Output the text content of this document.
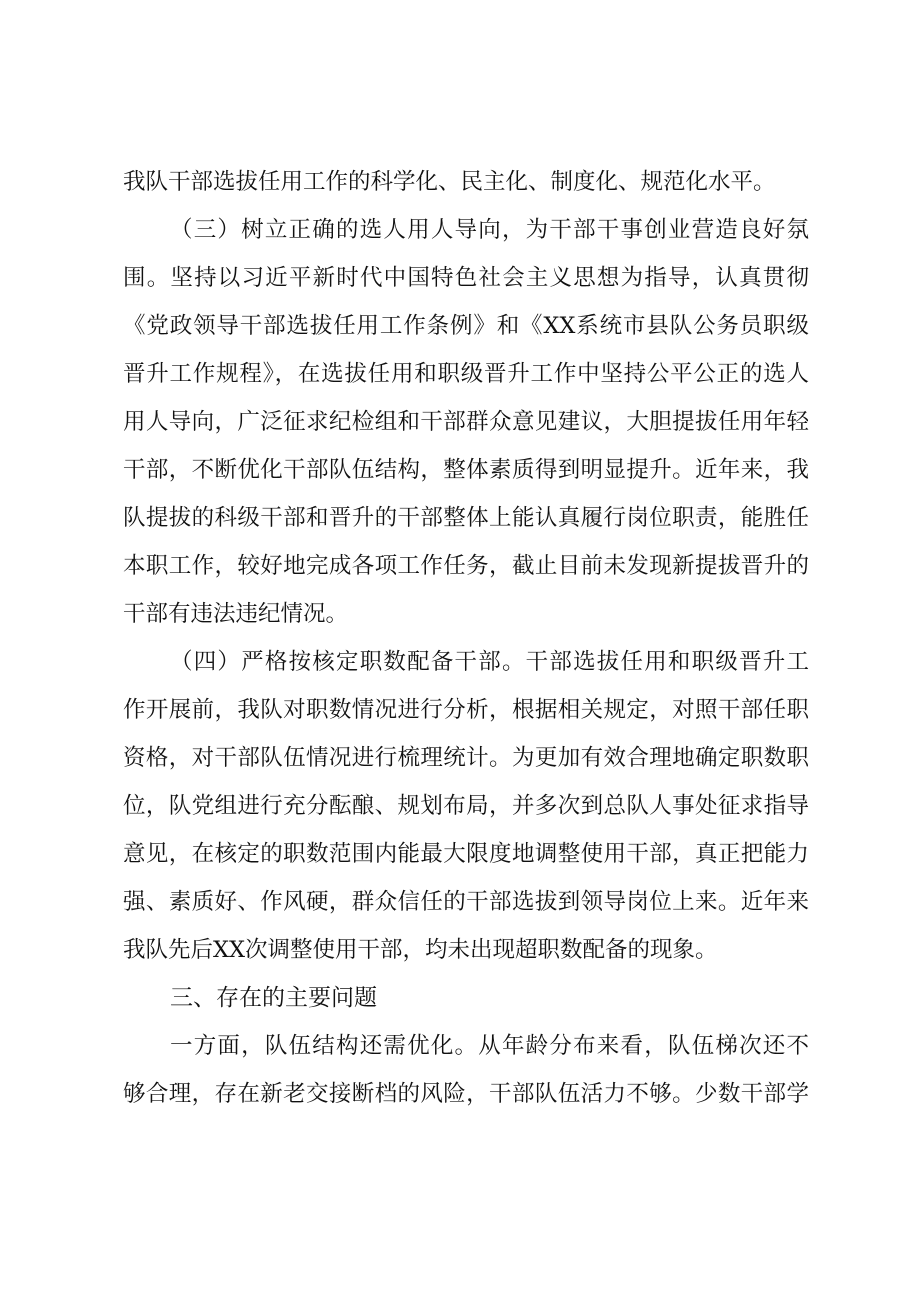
我队干部选拔任用工作的科学化、民主化、制度化、规范化水平。
（三）树立正确的选人用人导向，为干部干事创业营造良好氛
围。坚持以习近平新时代中国特色社会主义思想为指导，认真贯彻
《党政领导干部选拔任用工作条例》和《XX系统市县队公务员职级
晋升工作规程》，在选拔任用和职级晋升工作中坚持公平公正的选人
用人导向，广泛征求纪检组和干部群众意见建议，大胆提拔任用年轻
干部，不断优化干部队伍结构，整体素质得到明显提升。近年来，我
队提拔的科级干部和晋升的干部整体上能认真履行岗位职责，能胜任
本职工作，较好地完成各项工作任务，截止目前未发现新提拔晋升的
干部有违法违纪情况。
（四）严格按核定职数配备干部。干部选拔任用和职级晋升工
作开展前，我队对职数情况进行分析，根据相关规定，对照干部任职
资格，对干部队伍情况进行梳理统计。为更加有效合理地确定职数职
位，队党组进行充分酝酿、规划布局，并多次到总队人事处征求指导
意见，在核定的职数范围内能最大限度地调整使用干部，真正把能力
强、素质好、作风硬，群众信任的干部选拔到领导岗位上来。近年来
我队先后XX次调整使用干部，均未出现超职数配备的现象。
三、存在的主要问题
一方面，队伍结构还需优化。从年龄分布来看，队伍梯次还不
够合理，存在新老交接断档的风险，干部队伍活力不够。少数干部学
